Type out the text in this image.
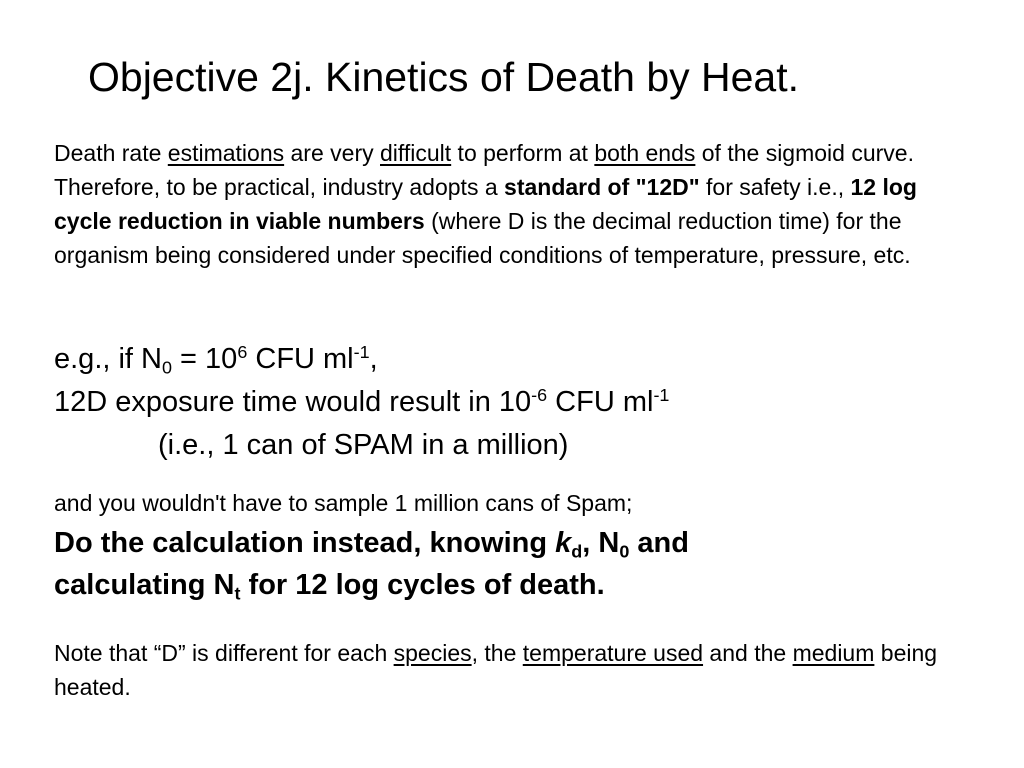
Objective 2j. Kinetics of Death by Heat.
Death rate estimations are very difficult to perform at both ends of the sigmoid curve. Therefore, to be practical, industry adopts a standard of "12D" for safety i.e., 12 log cycle reduction in viable numbers (where D is the decimal reduction time) for the organism being considered under specified conditions of temperature, pressure, etc.
e.g., if $N_0 = 10^6$ CFU $ml^{-1}$,
12D exposure time would result in $10^{-6}$ CFU $ml^{-1}$
(i.e., 1 can of SPAM in a million)
and you wouldn't have to sample 1 million cans of Spam;
Do the calculation instead, knowing $k_d$, $N_0$ and
calculating $N_t$ for 12 log cycles of death.
Note that “D” is different for each species, the temperature used and the medium being heated.
